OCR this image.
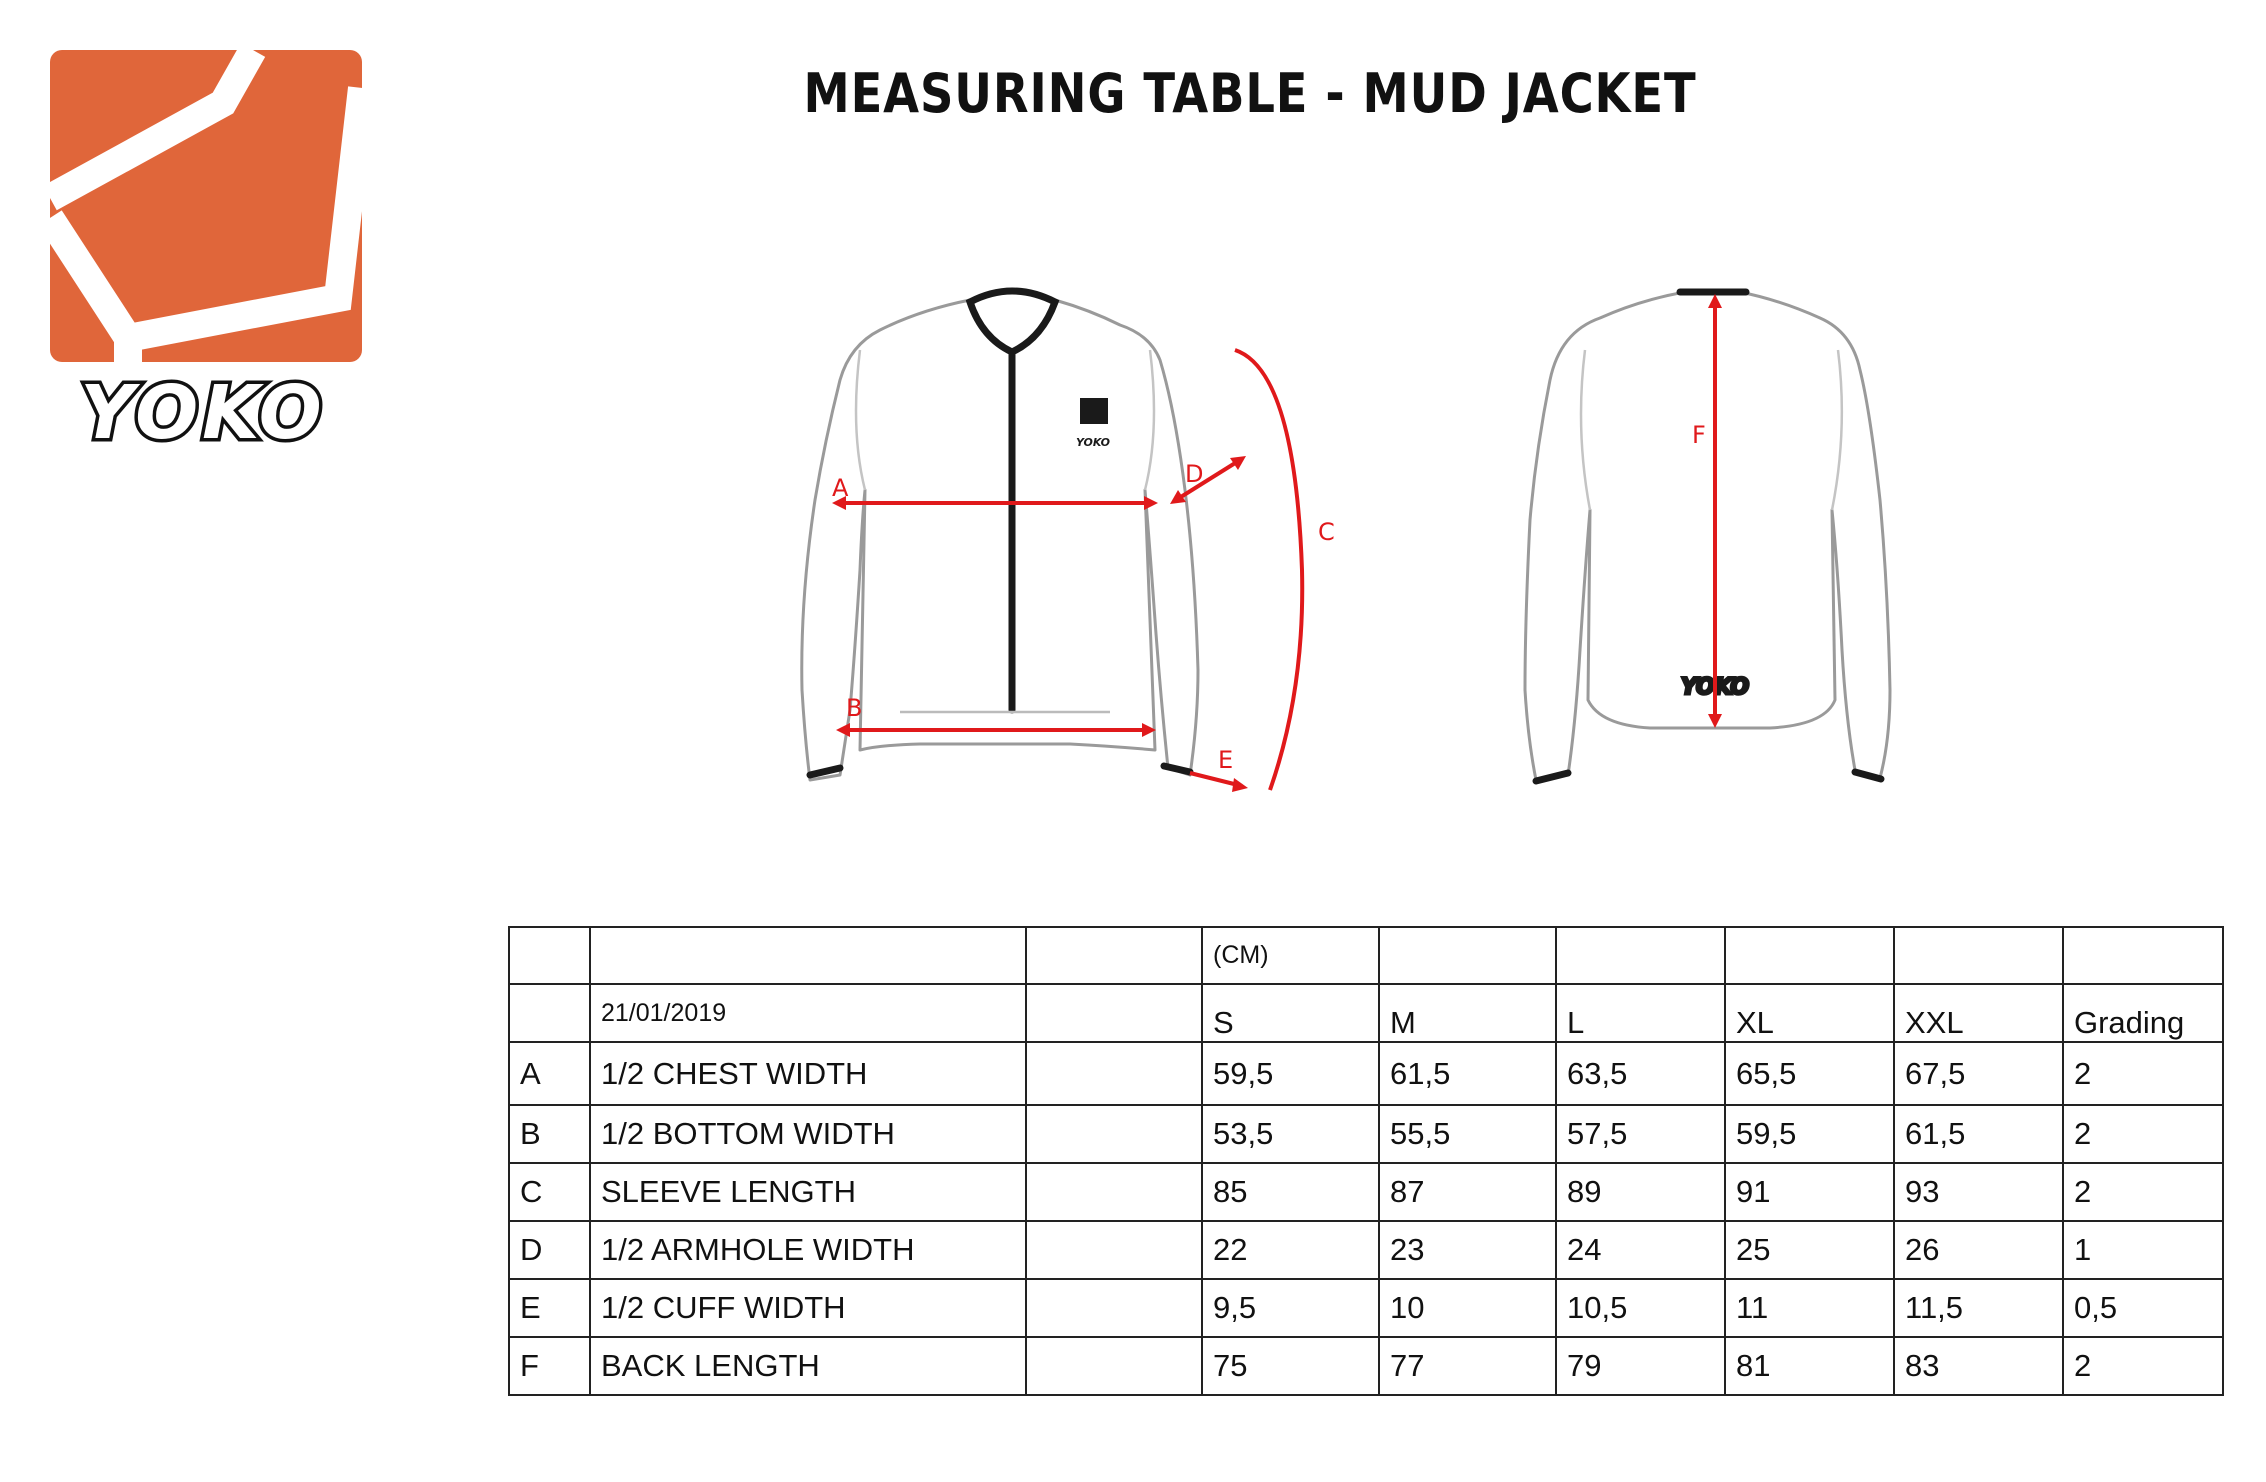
YOKO
MEASURING TABLE - MUD JACKET
YOKO
A
B
D
C
E
YOKO
F
			(CM)					
	21/01/2019		S	M	L	XL	XXL	Grading
A	1/2 CHEST WIDTH		59,5	61,5	63,5	65,5	67,5	2
B	1/2 BOTTOM WIDTH		53,5	55,5	57,5	59,5	61,5	2
C	SLEEVE LENGTH		85	87	89	91	93	2
D	1/2 ARMHOLE WIDTH		22	23	24	25	26	1
E	1/2 CUFF WIDTH		9,5	10	10,5	11	11,5	0,5
F	BACK LENGTH		75	77	79	81	83	2
